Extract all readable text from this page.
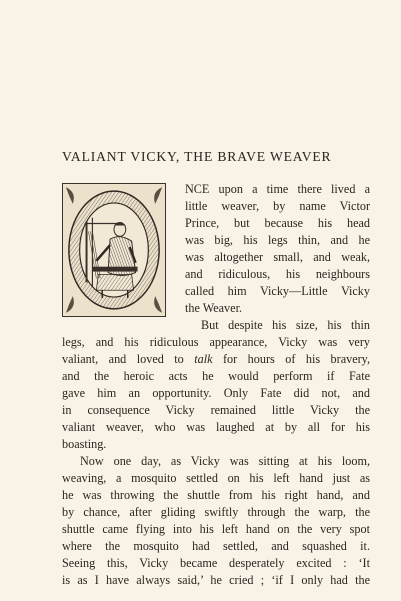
VALIANT VICKY, THE BRAVE WEAVER
NCE upon a time there lived a
little weaver, by name Victor
Prince, but because his head
was big, his legs thin, and he
was altogether small, and weak,
and ridiculous, his neighbours
called him Vicky—Little Vicky
the Weaver.
But despite his size, his thin
legs, and his ridiculous appearance, Vicky was very
valiant, and loved to talk for hours of his bravery,
and the heroic acts he would perform if Fate
gave him an opportunity. Only Fate did not, and
in consequence Vicky remained little Vicky the
valiant weaver, who was laughed at by all for his
boasting.
Now one day, as Vicky was sitting at his loom,
weaving, a mosquito settled on his left hand just as
he was throwing the shuttle from his right hand, and
by chance, after gliding swiftly through the warp, the
shuttle came flying into his left hand on the very spot
where the mosquito had settled, and squashed it.
Seeing this, Vicky became desperately excited : ‘It
is as I have always said,’ he cried ; ‘if I only had the
